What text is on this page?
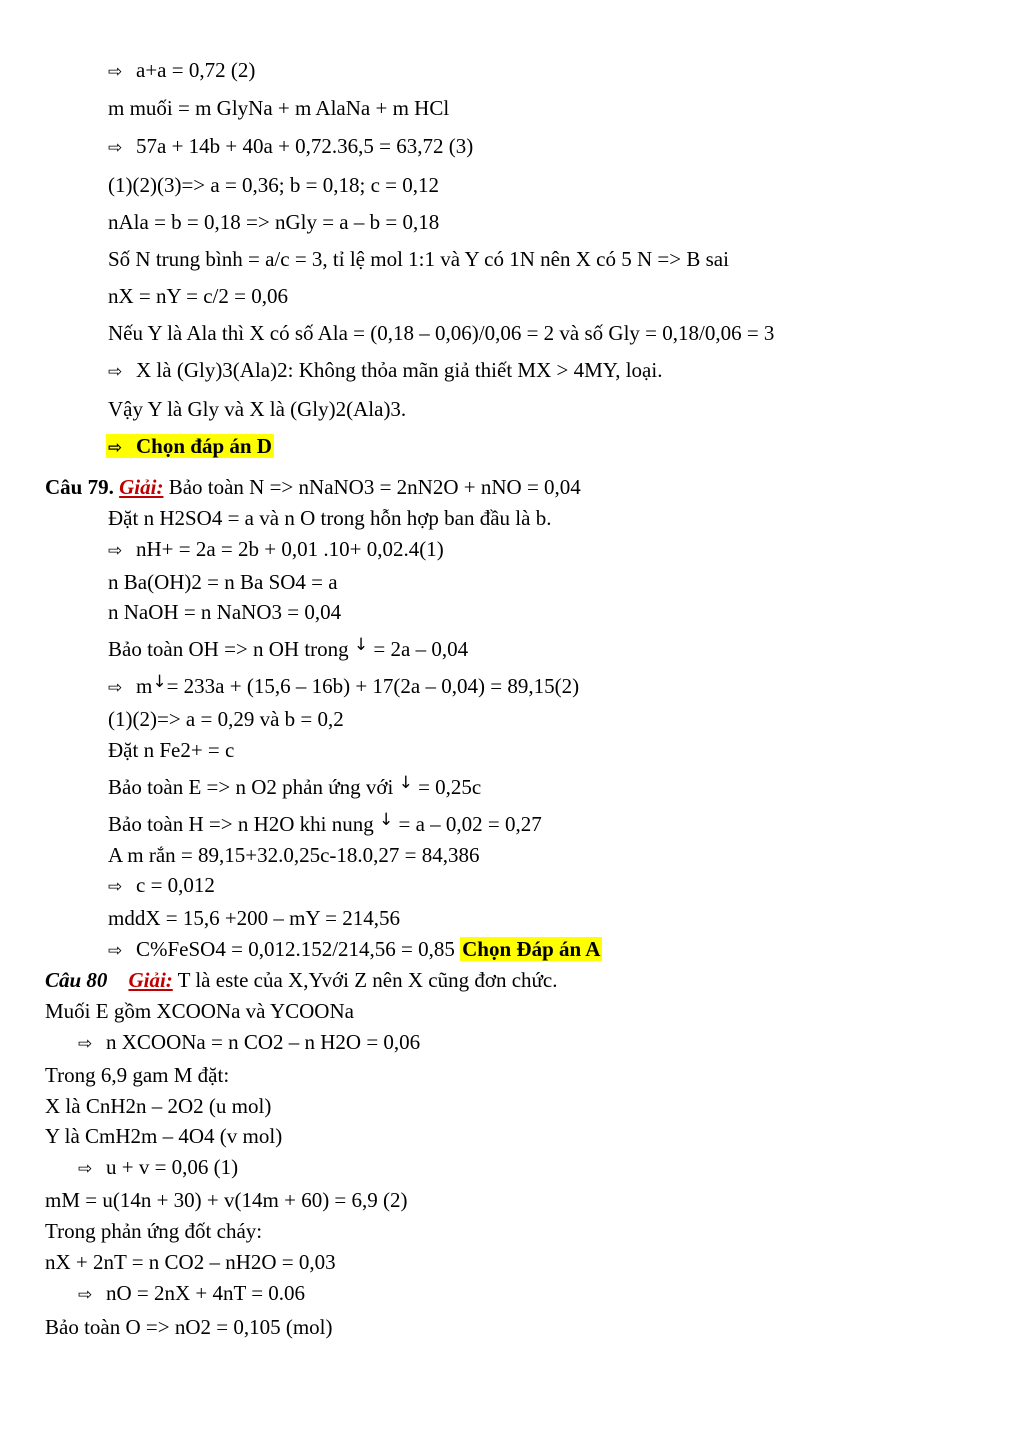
⇨ a+a = 0,72 (2)
m muối = m GlyNa + m AlaNa + m HCl
⇨ 57a + 14b + 40a + 0,72.36,5 = 63,72 (3)
(1)(2)(3)=> a = 0,36; b = 0,18; c = 0,12
nAla = b = 0,18 => nGly = a – b = 0,18
Số N trung bình = a/c = 3, tỉ lệ mol 1:1 và Y có 1N nên X có 5 N => B sai
nX = nY = c/2 = 0,06
Nếu Y là Ala thì X có số Ala = (0,18 – 0,06)/0,06 = 2 và số Gly = 0,18/0,06 = 3
⇨ X là (Gly)3(Ala)2: Không thỏa mãn giả thiết MX > 4MY, loại.
Vậy Y là Gly và X là (Gly)2(Ala)3.
⇨ Chọn đáp án D
Câu 79. Giải: Bảo toàn N => nNaNO3 = 2nN2O + nNO = 0,04
Đặt n H2SO4 = a và n O trong hỗn hợp ban đầu là b.
⇨ nH+ = 2a = 2b + 0,01 .10+ 0,02.4(1)
n Ba(OH)2 = n Ba SO4 = a
n NaOH = n NaNO3 = 0,04
Bảo toàn OH => n OH trong ↓ = 2a – 0,04
⇨ m↓= 233a + (15,6 – 16b) + 17(2a – 0,04) = 89,15(2)
(1)(2)=> a = 0,29 và b = 0,2
Đặt n Fe2+ = c
Bảo toàn E => n O2 phản ứng với ↓ = 0,25c
Bảo toàn H => n H2O khi nung ↓ = a – 0,02 = 0,27
A m rắn = 89,15+32.0,25c-18.0,27 = 84,386
⇨ c = 0,012
mddX = 15,6 +200 – mY = 214,56
⇨ C%FeSO4 = 0,012.152/214,56 = 0,85 Chọn Đáp án A
Câu 80 Giải: T là este của X,Yvới Z nên X cũng đơn chức.
Muối E gồm XCOONa và YCOONa
⇨ n XCOONa = n CO2 – n H2O = 0,06
Trong 6,9 gam M đặt:
X là CnH2n – 2O2 (u mol)
Y là CmH2m – 4O4 (v mol)
⇨ u + v = 0,06 (1)
mM = u(14n + 30) + v(14m + 60) = 6,9 (2)
Trong phản ứng đốt cháy:
nX + 2nT = n CO2 – nH2O = 0,03
⇨ nO = 2nX + 4nT = 0.06
Bảo toàn O => nO2 = 0,105 (mol)
